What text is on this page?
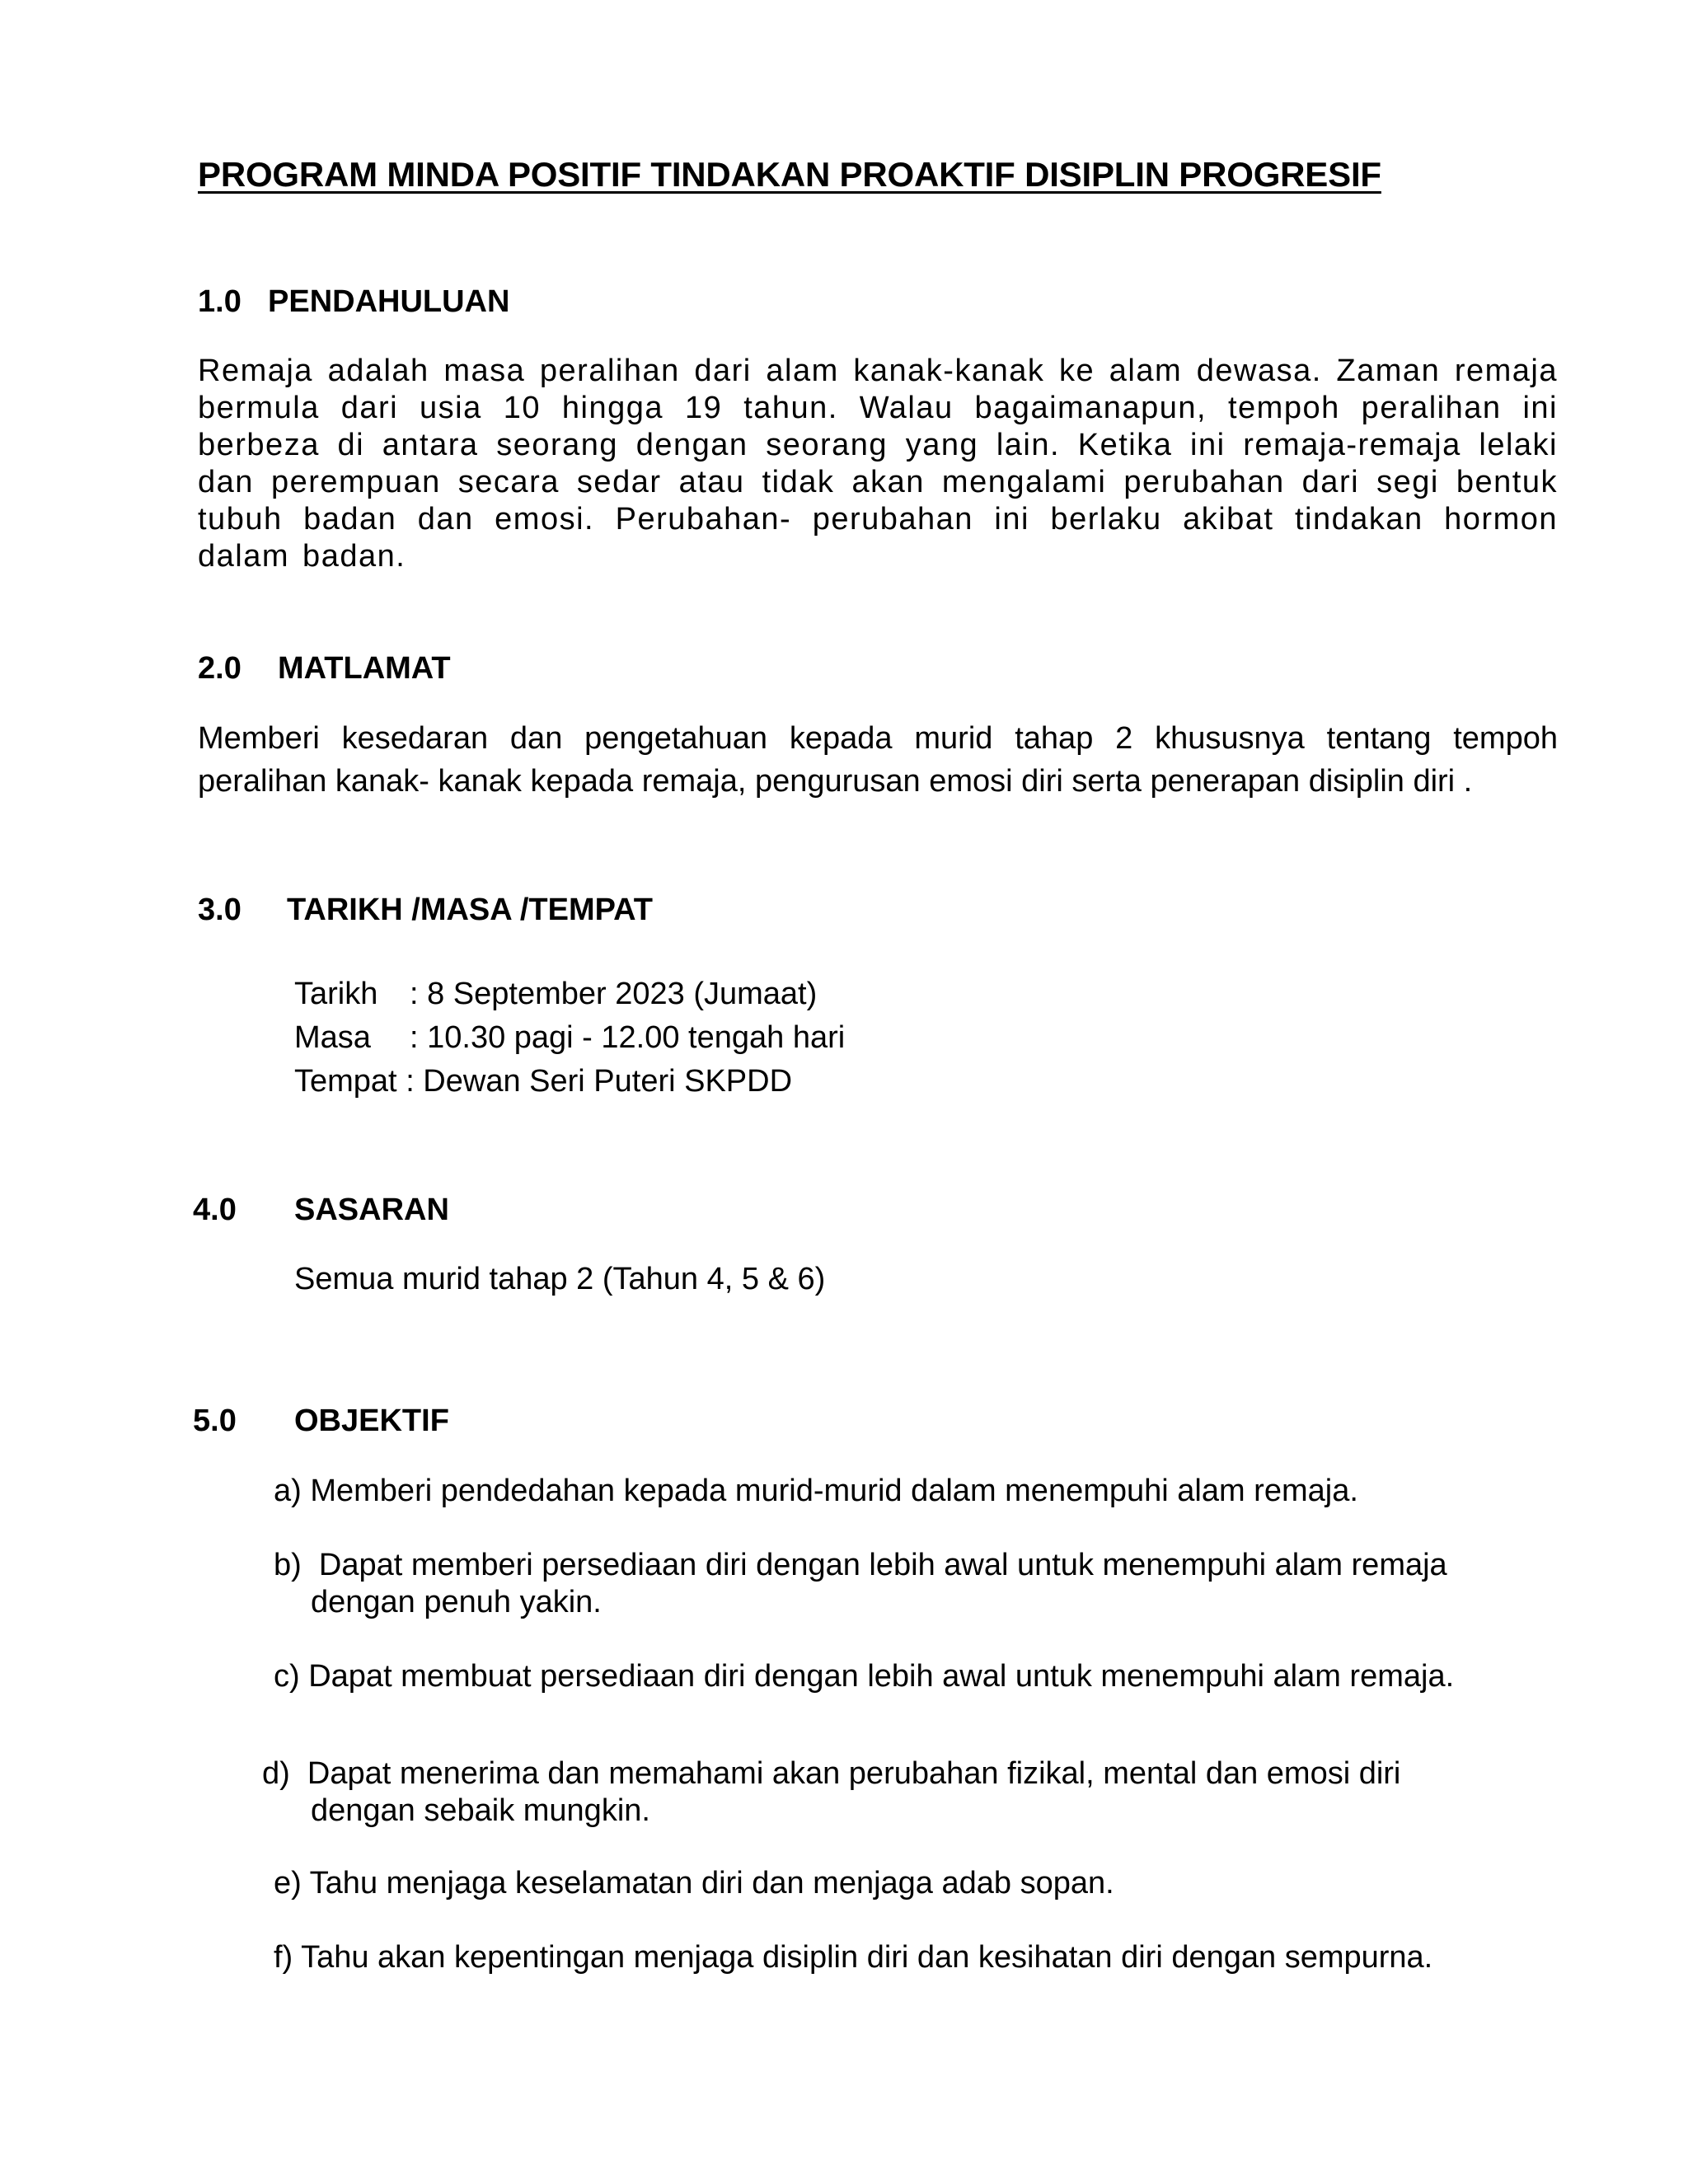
PROGRAM MINDA POSITIF TINDAKAN PROAKTIF DISIPLIN PROGRESIF
1.0 PENDAHULUAN
Remaja adalah masa peralihan dari alam kanak-kanak ke alam dewasa. Zaman remaja bermula dari usia 10 hingga 19 tahun. Walau bagaimanapun, tempoh peralihan ini berbeza di antara seorang dengan seorang yang lain. Ketika ini remaja-remaja lelaki dan perempuan secara sedar atau tidak akan mengalami perubahan dari segi bentuk tubuh badan dan emosi. Perubahan- perubahan ini berlaku akibat tindakan hormon dalam badan.
2.0 MATLAMAT
Memberi kesedaran dan pengetahuan kepada murid tahap 2 khususnya tentang tempoh peralihan kanak- kanak kepada remaja, pengurusan emosi diri serta penerapan disiplin diri .
3.0 TARIKH /MASA /TEMPAT
Tarikh : 8 September 2023 (Jumaat)
Masa : 10.30 pagi - 12.00 tengah hari
Tempat : Dewan Seri Puteri SKPDD
4.0 SASARAN
Semua murid tahap 2 (Tahun 4, 5 & 6)
5.0 OBJEKTIF
a) Memberi pendedahan kepada murid-murid dalam menempuhi alam remaja.
b) Dapat memberi persediaan diri dengan lebih awal untuk menempuhi alam remaja
dengan penuh yakin.
c) Dapat membuat persediaan diri dengan lebih awal untuk menempuhi alam remaja.
d) Dapat menerima dan memahami akan perubahan fizikal, mental dan emosi diri
dengan sebaik mungkin.
e) Tahu menjaga keselamatan diri dan menjaga adab sopan.
f) Tahu akan kepentingan menjaga disiplin diri dan kesihatan diri dengan sempurna.
